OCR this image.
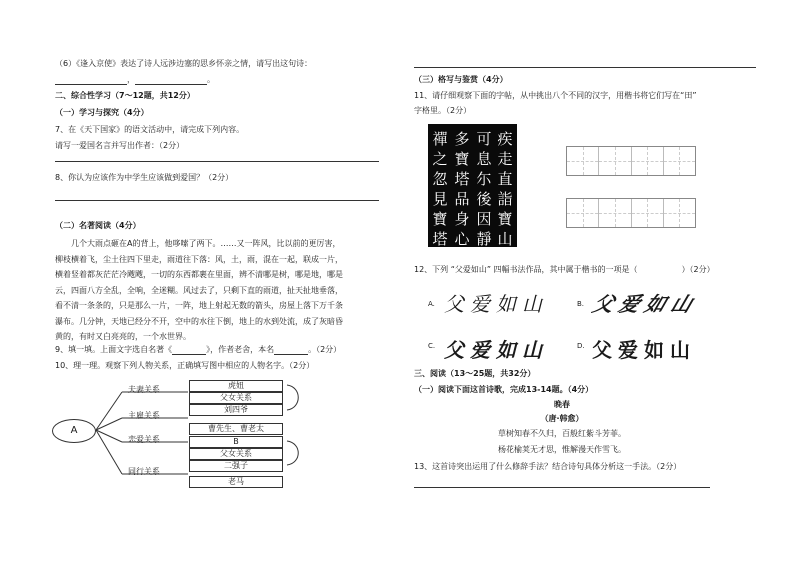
（6）《逢入京使》表达了诗人远涉边塞的思乡怀亲之情，请写出这句诗：
，	。
二、综合性学习（7～12题，共12分）
（一）学习与探究（4分）
7、在《天下国家》的语文活动中，请完成下列内容。
请写一爱国名言并写出作者：（2分）
8、你认为应该作为中学生应该做到爱国？（2分）
（二）名著阅读（4分）
　　几个大雨点砸在A的背上，他哆嗦了两下。……又一阵风，比以前的更厉害，
柳枝横着飞，尘土往四下里走，雨道往下落：风，土，雨，混在一起，联成一片，
横着竖着都灰茫茫冷飕飕，一切的东西都裹在里面，辨不清哪是树，哪是地，哪是
云，四面八方全乱，全响，全迷糊。风过去了，只剩下直的雨道，扯天扯地垂落，
看不清一条条的，只是那么一片，一阵，地上射起无数的箭头，房屋上落下万千条
瀑布。几分钟，天地已经分不开，空中的水往下倒，地上的水到处流，成了灰暗昏
黄的，有时又白亮亮的，一个水世界。
9、填一填。上面文字选自名著《	》，作者老舍，本名	。（2分）
10、理一理。观察下列人物关系，正确填写图中相应的人物名字。（2分）
A
夫妻关系
主雇关系
恋爱关系
同行关系
虎妞
父女关系
刘四爷
曹先生、曹老太
B
父女关系
二强子
老马
（三）格写与鉴赏（4分）
11、请仔细观察下面的字帖，从中挑出八个不同的汉字，用楷书将它们写在“田”
字格里。（2分）
疾走直詣寶山
可息尓後因靜
多寶塔品身心
禪之忽見寶塔
12、下列 “父爱如山” 四幅书法作品，其中属于楷书的一项是（	）（2分）
A. 父爱如山	B. 父爱如山
C. 父爱如山	D. 父爱如山
三、阅读（13～25题，共32分）
（一）阅读下面这首诗歌，完成13-14题。（4分）
晚春
（唐·韩愈）
草树知春不久归，百般红紫斗芳菲。
杨花榆荚无才思，惟解漫天作雪飞。
13、这首诗突出运用了什么修辞手法？结合诗句具体分析这一手法。（2分）
